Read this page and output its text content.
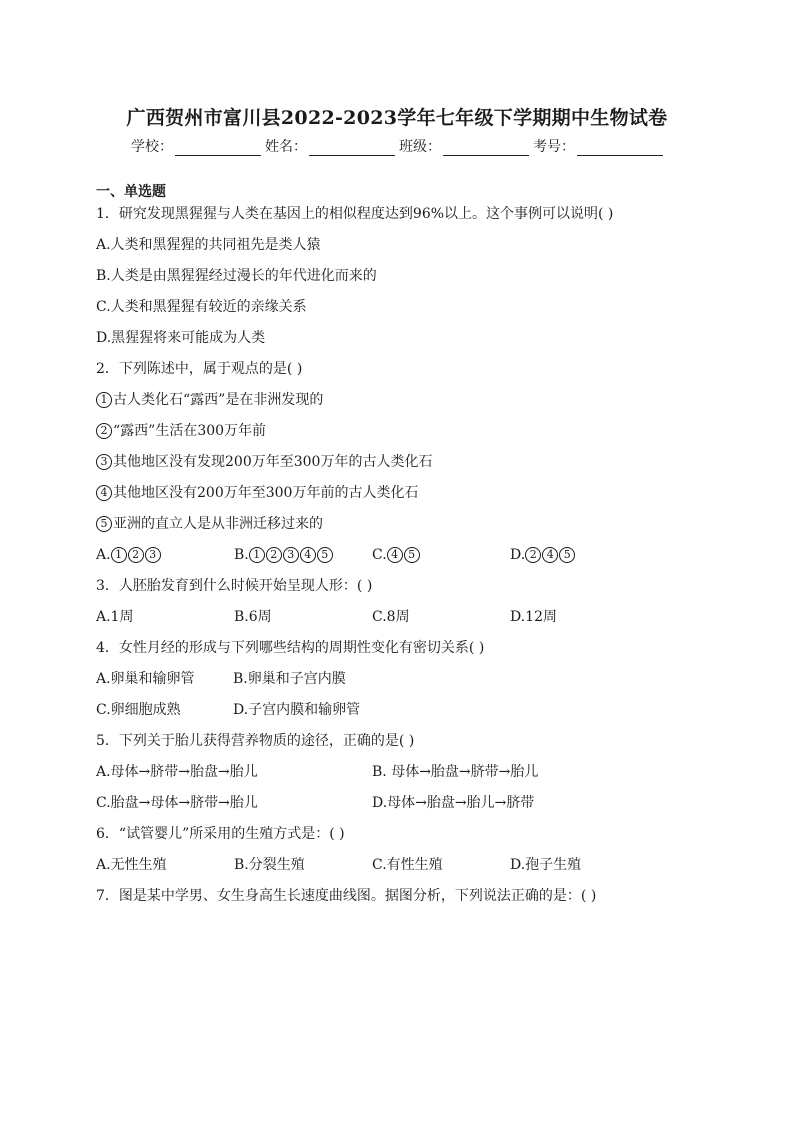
广西贺州市富川县2022-2023学年七年级下学期期中生物试卷
学校：	姓名：	班级：	考号：
一、单选题
1．研究发现黑猩猩与人类在基因上的相似程度达到96%以上。这个事例可以说明( )
A.人类和黑猩猩的共同祖先是类人猿
B.人类是由黑猩猩经过漫长的年代进化而来的
C.人类和黑猩猩有较近的亲缘关系
D.黑猩猩将来可能成为人类
2．下列陈述中，属于观点的是( )
1 古人类化石“露西”是在非洲发现的
2 “露西”生活在300万年前
3 其他地区没有发现200万年至300万年的古人类化石
4 其他地区没有200万年至300万年前的古人类化石
5 亚洲的直立人是从非洲迁移过来的
A. 1 2 3	B. 1 2 3 4 5	C. 4 5	D. 2 4 5
3．人胚胎发育到什么时候开始呈现人形：( )
A.1周	B.6周	C.8周	D.12周
4．女性月经的形成与下列哪些结构的周期性变化有密切关系( )
A.卵巢和输卵管	B.卵巢和子宫内膜
C.卵细胞成熟	D.子宫内膜和输卵管
5．下列关于胎儿获得营养物质的途径，正确的是( )
A.母体→脐带→胎盘→胎儿	B. 母体→胎盘→脐带→胎儿
C.胎盘→母体→脐带→胎儿	D.母体→胎盘→胎儿→脐带
6．“试管婴儿”所采用的生殖方式是：( )
A.无性生殖	B.分裂生殖	C.有性生殖	D.孢子生殖
7．图是某中学男、女生身高生长速度曲线图。据图分析，下列说法正确的是：( )
